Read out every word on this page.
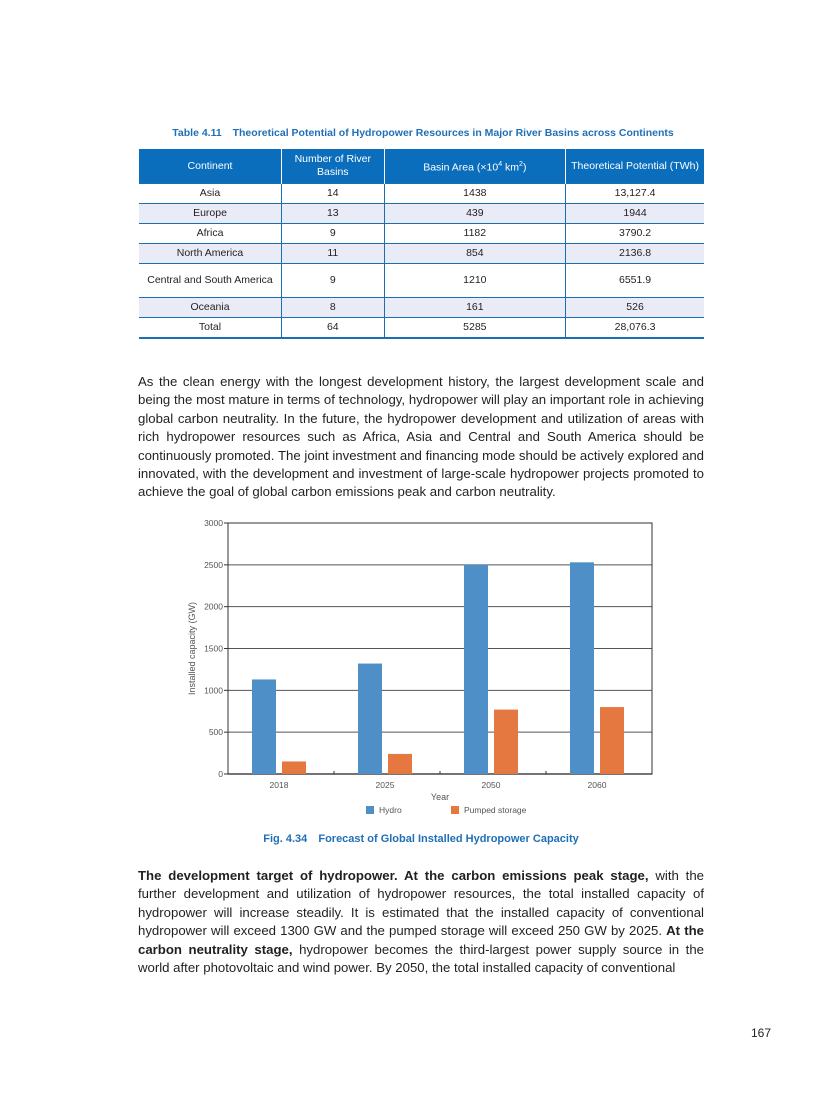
Table 4.11 Theoretical Potential of Hydropower Resources in Major River Basins across Continents
Continent	Number of River Basins	Basin Area ($\times 10^4$ $km^2$)	Theoretical Potential (TWh)
Asia	14	1438	13,127.4
Europe	13	439	1944
Africa	9	1182	3790.2
North America	11	854	2136.8
Central and South America	9	1210	6551.9
Oceania	8	161	526
Total	64	5285	28,076.3

As the clean energy with the longest development history, the largest development scale and being the most mature in terms of technology, hydropower will play an important role in achieving global carbon neutrality. In the future, the hydropower development and utilization of areas with rich hydropower resources such as Africa, Asia and Central and South America should be continuously promoted. The joint investment and financing mode should be actively explored and innovated, with the development and investment of large-scale hydropower projects promoted to achieve the goal of global carbon emissions peak and carbon neutrality.

0
500
1000
1500
2000
2500
3000
2018	2025	2050	2060
Year
Installed capacity (GW)
Hydro	Pumped storage
Fig. 4.34 Forecast of Global Installed Hydropower Capacity

The development target of hydropower. At the carbon emissions peak stage, with the further development and utilization of hydropower resources, the total installed capacity of hydropower will increase steadily. It is estimated that the installed capacity of conventional hydropower will exceed 1300 GW and the pumped storage will exceed 250 GW by 2025. At the carbon neutrality stage, hydropower becomes the third-largest power supply source in the world after photovoltaic and wind power. By 2050, the total installed capacity of conventional

167
